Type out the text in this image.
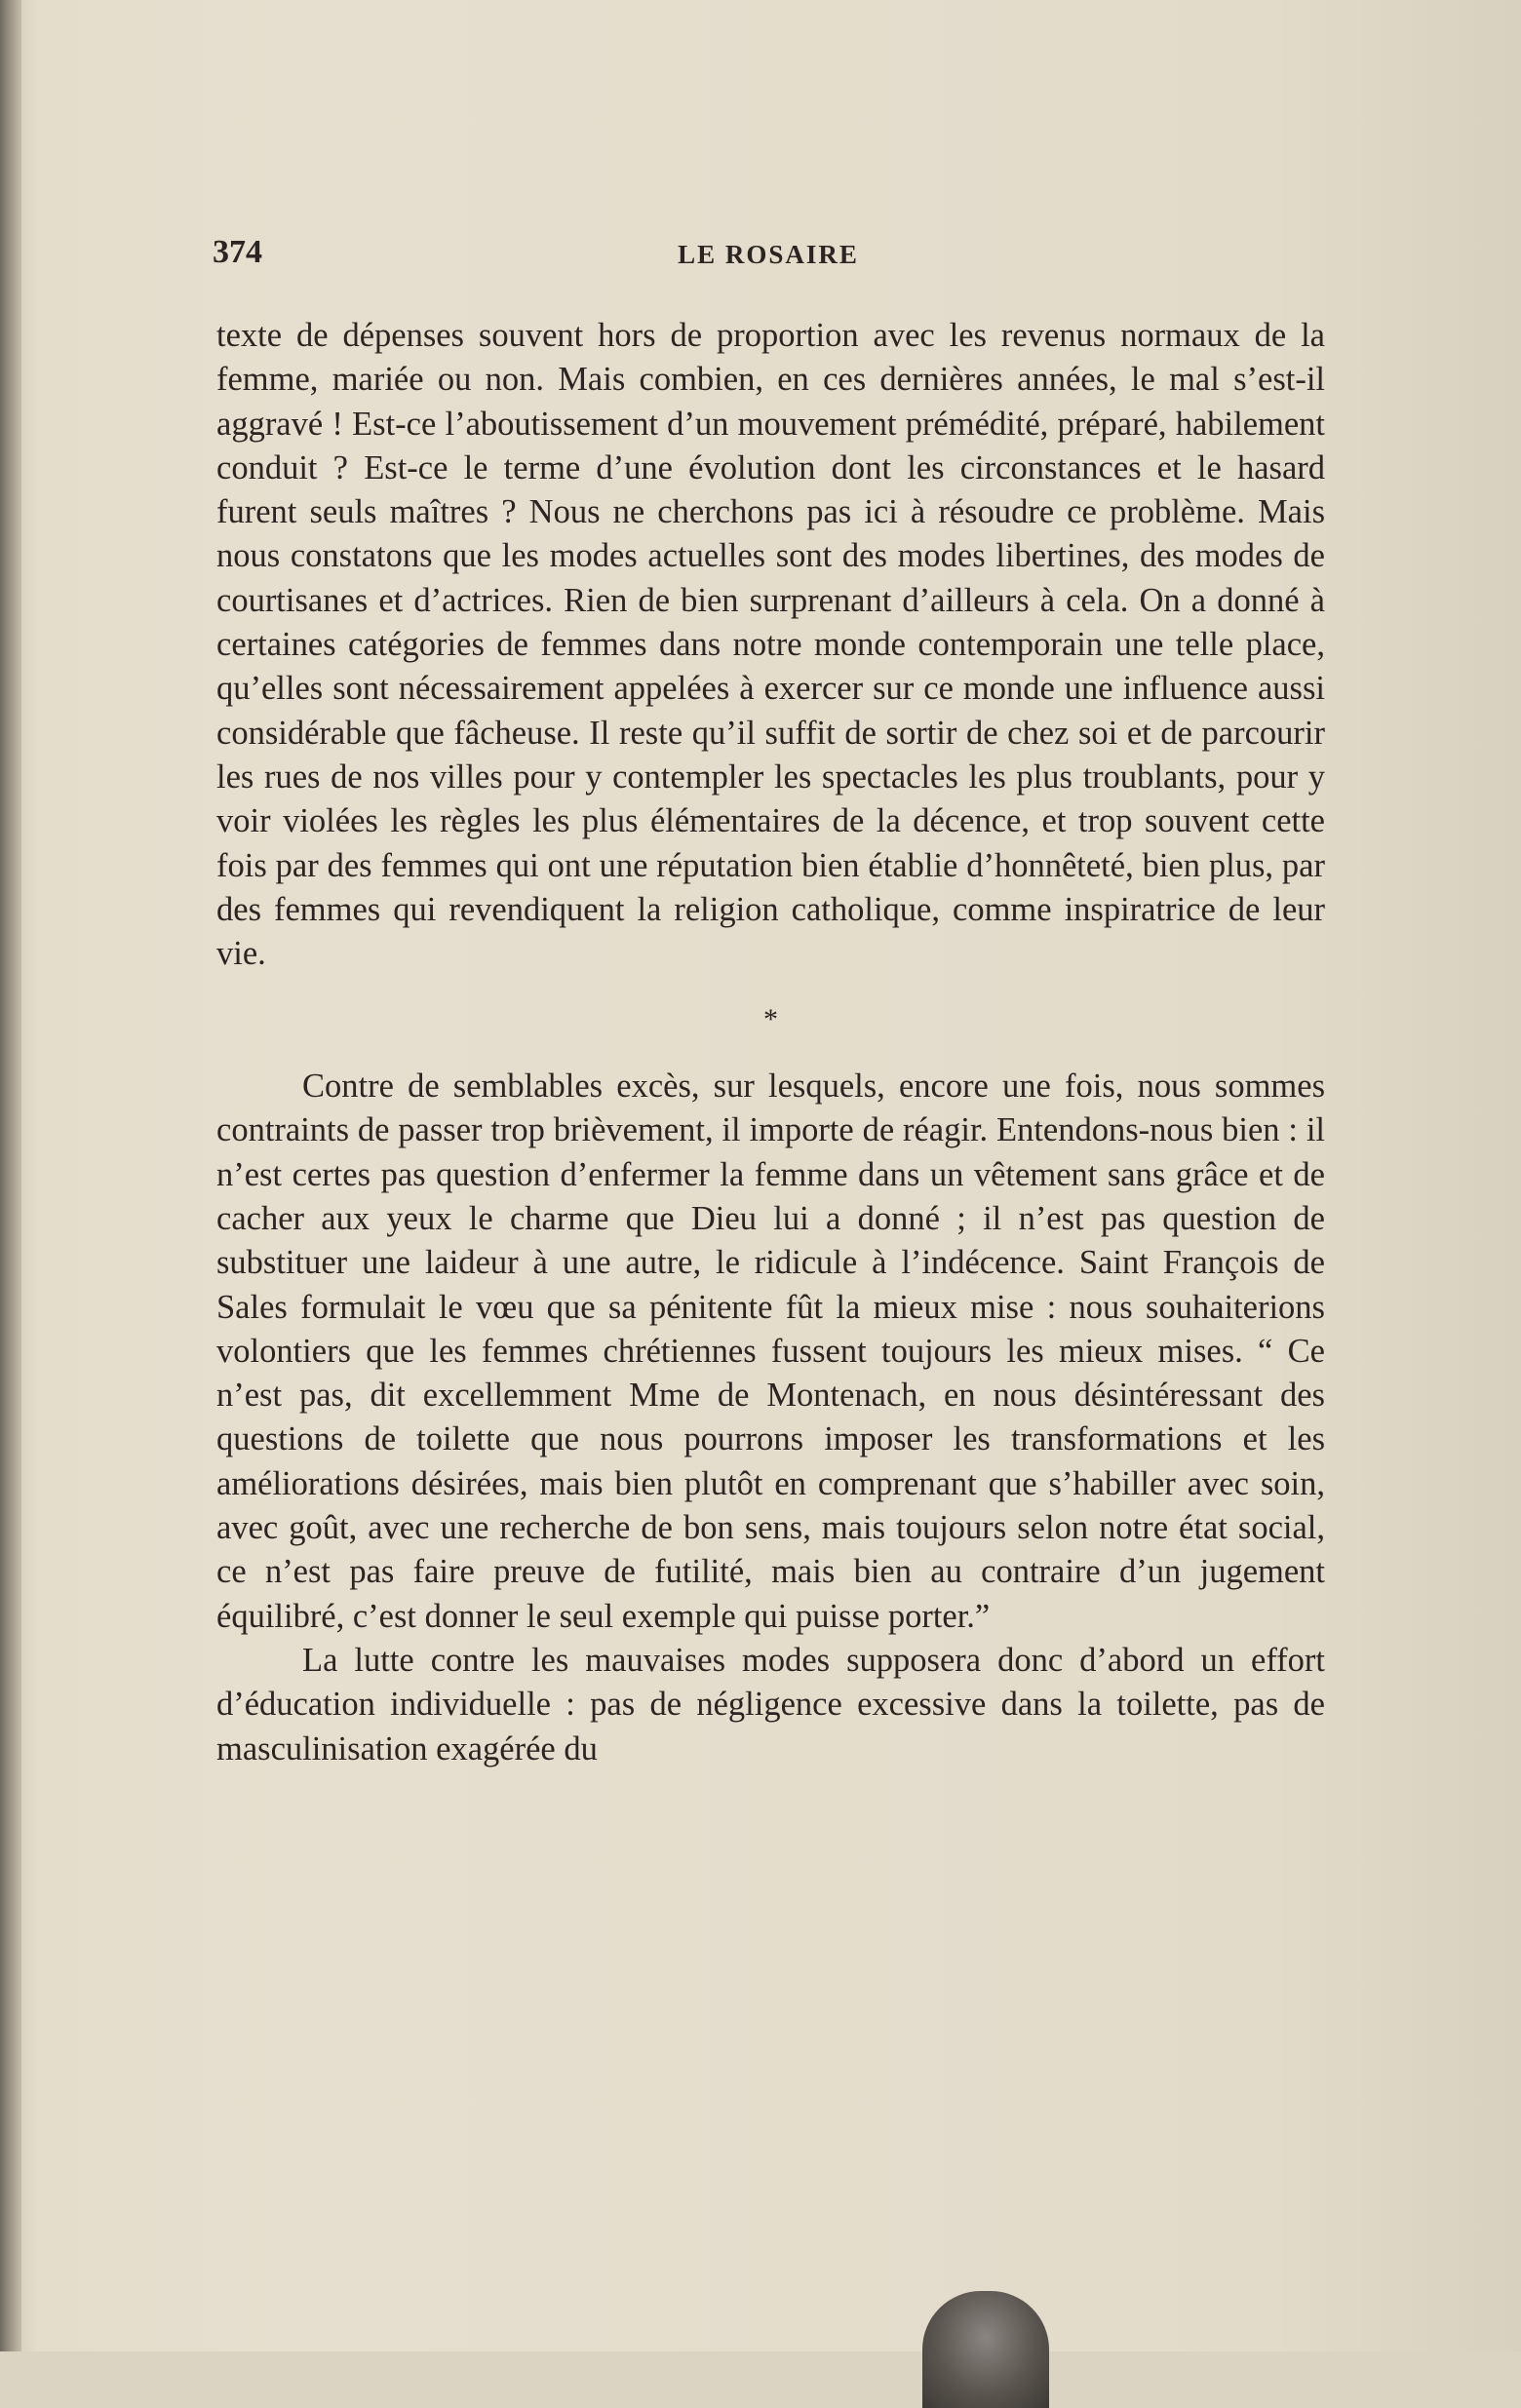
374	LE ROSAIRE

texte de dépenses souvent hors de proportion avec les revenus normaux de la femme, mariée ou non. Mais combien, en ces dernières années, le mal s’est-il aggravé ! Est-ce l’aboutissement d’un mouvement prémédité, préparé, habilement conduit ? Est-ce le terme d’une évolution dont les circonstances et le hasard furent seuls maîtres ? Nous ne cherchons pas ici à résoudre ce problème. Mais nous constatons que les modes actuelles sont des modes libertines, des modes de courtisanes et d’actrices. Rien de bien surprenant d’ailleurs à cela. On a donné à certaines catégories de femmes dans notre monde contemporain une telle place, qu’elles sont nécessairement appelées à exercer sur ce monde une influence aussi considérable que fâcheuse. Il reste qu’il suffit de sortir de chez soi et de parcourir les rues de nos villes pour y contempler les spectacles les plus troublants, pour y voir violées les règles les plus élémentaires de la décence, et trop souvent cette fois par des femmes qui ont une réputation bien établie d’honnêteté, bien plus, par des femmes qui revendiquent la religion catholique, comme inspiratrice de leur vie.

*

Contre de semblables excès, sur lesquels, encore une fois, nous sommes contraints de passer trop brièvement, il importe de réagir. Entendons-nous bien : il n’est certes pas question d’enfermer la femme dans un vêtement sans grâce et de cacher aux yeux le charme que Dieu lui a donné ; il n’est pas question de substituer une laideur à une autre, le ridicule à l’indécence. Saint François de Sales formulait le vœu que sa pénitente fût la mieux mise : nous souhaiterions volontiers que les femmes chrétiennes fussent toujours les mieux mises. “ Ce n’est pas, dit excellemment Mme de Montenach, en nous désintéressant des questions de toilette que nous pourrons imposer les transformations et les améliorations désirées, mais bien plutôt en comprenant que s’habiller avec soin, avec goût, avec une recherche de bon sens, mais toujours selon notre état social, ce n’est pas faire preuve de futilité, mais bien au contraire d’un jugement équilibré, c’est donner le seul exemple qui puisse porter.”

La lutte contre les mauvaises modes supposera donc d’abord un effort d’éducation individuelle : pas de négligence excessive dans la toilette, pas de masculinisation exagérée du
